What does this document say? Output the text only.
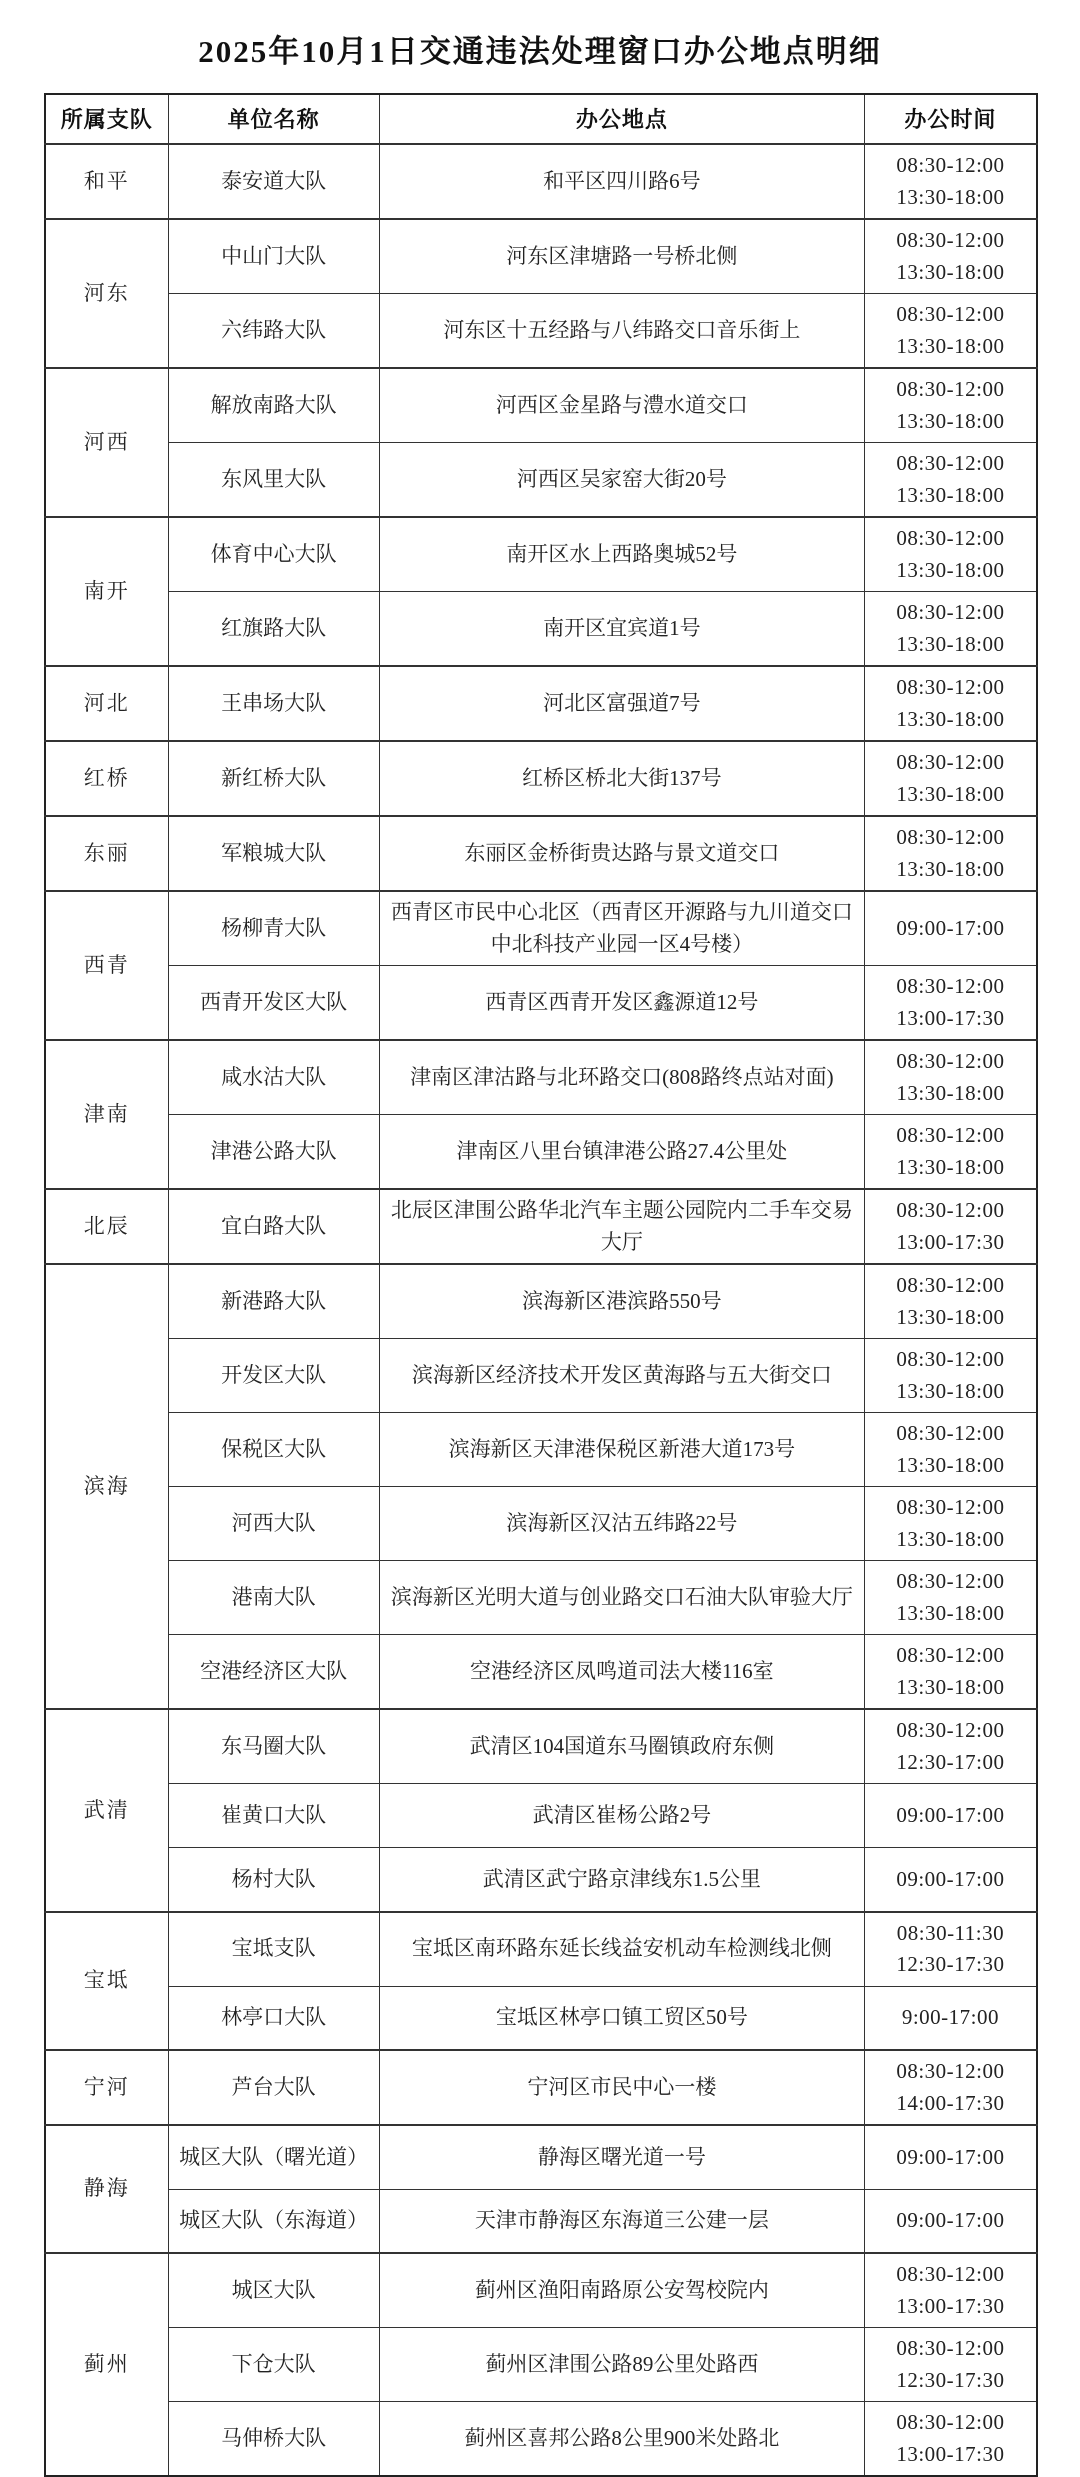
2025年10月1日交通违法处理窗口办公地点明细
所属支队	单位名称	办公地点	办公时间
和平	泰安道大队	和平区四川路6号	08:30-12:00
13:30-18:00

河东	中山门大队	河东区津塘路一号桥北侧	08:30-12:00
13:30-18:00

	六纬路大队	河东区十五经路与八纬路交口音乐街上	08:30-12:00
13:30-18:00

河西	解放南路大队	河西区金星路与澧水道交口	08:30-12:00
13:30-18:00

	东风里大队	河西区吴家窑大街20号	08:30-12:00
13:30-18:00

南开	体育中心大队	南开区水上西路奥城52号	08:30-12:00
13:30-18:00

	红旗路大队	南开区宜宾道1号	08:30-12:00
13:30-18:00

河北	王串场大队	河北区富强道7号	08:30-12:00
13:30-18:00

红桥	新红桥大队	红桥区桥北大街137号	08:30-12:00
13:30-18:00

东丽	军粮城大队	东丽区金桥街贵达路与景文道交口	08:30-12:00
13:30-18:00

西青	杨柳青大队	西青区市民中心北区（西青区开源路与九川道交口中北科技产业园一区4号楼）	09:00-17:00

	西青开发区大队	西青区西青开发区鑫源道12号	08:30-12:00
13:00-17:30

津南	咸水沽大队	津南区津沽路与北环路交口(808路终点站对面)	08:30-12:00
13:30-18:00

	津港公路大队	津南区八里台镇津港公路27.4公里处	08:30-12:00
13:30-18:00

北辰	宜白路大队	北辰区津围公路华北汽车主题公园院内二手车交易大厅	08:30-12:00
13:00-17:30

滨海	新港路大队	滨海新区港滨路550号	08:30-12:00
13:30-18:00

	开发区大队	滨海新区经济技术开发区黄海路与五大街交口	08:30-12:00
13:30-18:00

	保税区大队	滨海新区天津港保税区新港大道173号	08:30-12:00
13:30-18:00

	河西大队	滨海新区汉沽五纬路22号	08:30-12:00
13:30-18:00

	港南大队	滨海新区光明大道与创业路交口石油大队审验大厅	08:30-12:00
13:30-18:00

	空港经济区大队	空港经济区凤鸣道司法大楼116室	08:30-12:00
13:30-18:00

武清	东马圈大队	武清区104国道东马圈镇政府东侧	08:30-12:00
12:30-17:00

	崔黄口大队	武清区崔杨公路2号	09:00-17:00

	杨村大队	武清区武宁路京津线东1.5公里	09:00-17:00

宝坻	宝坻支队	宝坻区南环路东延长线益安机动车检测线北侧	08:30-11:30
12:30-17:30

	林亭口大队	宝坻区林亭口镇工贸区50号	9:00-17:00

宁河	芦台大队	宁河区市民中心一楼	08:30-12:00
14:00-17:30

静海	城区大队（曙光道）	静海区曙光道一号	09:00-17:00

	城区大队（东海道）	天津市静海区东海道三公建一层	09:00-17:00

蓟州	城区大队	蓟州区渔阳南路原公安驾校院内	08:30-12:00
13:00-17:30

	下仓大队	蓟州区津围公路89公里处路西	08:30-12:00
12:30-17:30

	马伸桥大队	蓟州区喜邦公路8公里900米处路北	08:30-12:00
13:00-17:30
